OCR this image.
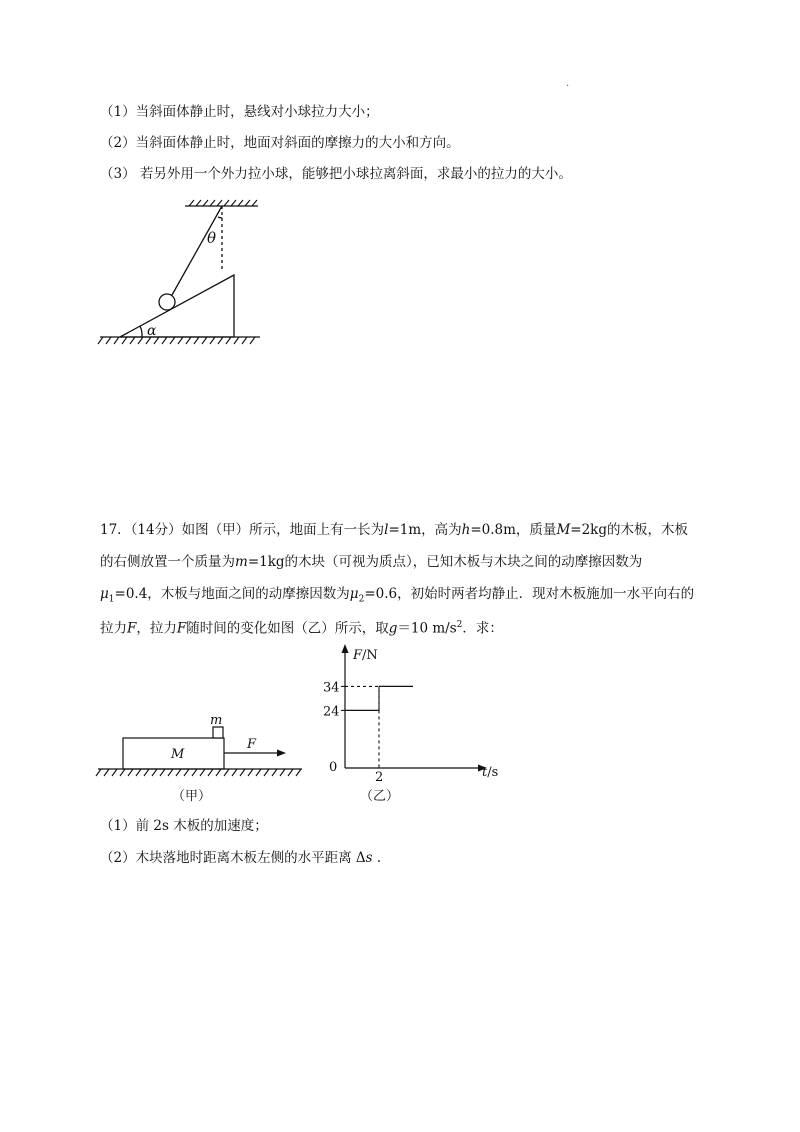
.
（1）当斜面体静止时，悬线对小球拉力大小；
（2）当斜面体静止时，地面对斜面的摩擦力的大小和方向。
（3） 若另外用一个外力拉小球，能够把小球拉离斜面，求最小的拉力的大小。
θ
α
17．（14分）如图（甲）所示，地面上有一长为l=1m，高为h=0.8m，质量M=2kg的木板，木板
的右侧放置一个质量为m=1kg的木块（可视为质点），已知木板与木块之间的动摩擦因数为
$\mu_1=0.4$，木板与地面之间的动摩擦因数为$\mu_2=0.6$，初始时两者均静止．现对木板施加一水平向右的
拉力F，拉力F随时间的变化如图（乙）所示，取g＝10 $m/s^2$．求：
M
m
F
（甲）
34
24
2
F/N
t/s
0
（乙）
（1）前 2s 木板的加速度；
（2）木块落地时距离木板左侧的水平距离 Δs .
